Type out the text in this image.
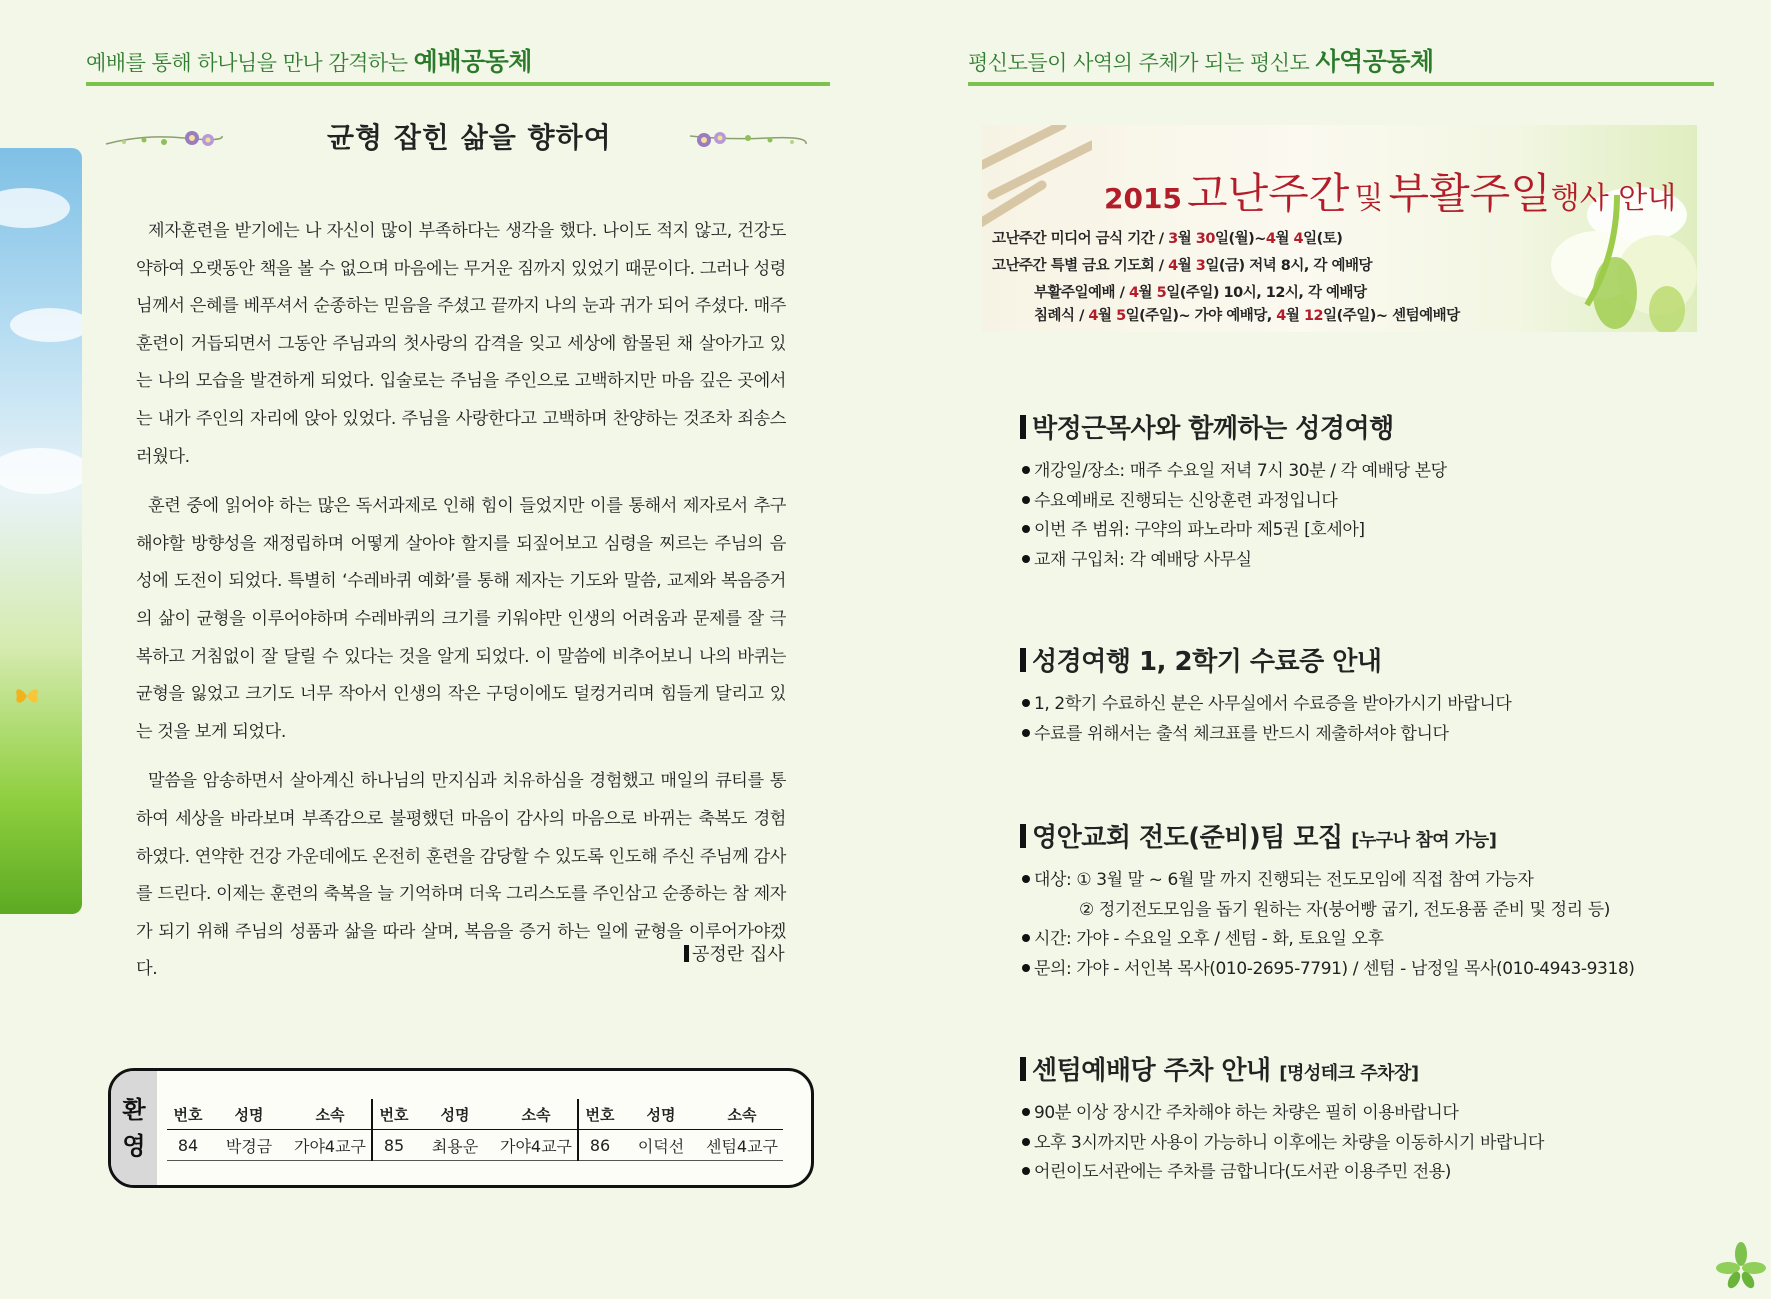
예배를 통해 하나님을 만나 감격하는 예배공동체	평신도들이 사역의 주체가 되는 평신도 사역공동체
균형 잡힌 삶을 향하여

제자훈련을 받기에는 나 자신이 많이 부족하다는 생각을 했다. 나이도 적지 않고, 건강도 약하여 오랫동안 책을 볼 수 없으며 마음에는 무거운 짐까지 있었기 때문이다. 그러나 성령님께서 은혜를 베푸셔서 순종하는 믿음을 주셨고 끝까지 나의 눈과 귀가 되어 주셨다. 매주 훈련이 거듭되면서 그동안 주님과의 첫사랑의 감격을 잊고 세상에 함몰된 채 살아가고 있는 나의 모습을 발견하게 되었다. 입술로는 주님을 주인으로 고백하지만 마음 깊은 곳에서는 내가 주인의 자리에 앉아 있었다. 주님을 사랑한다고 고백하며 찬양하는 것조차 죄송스러웠다.

훈련 중에 읽어야 하는 많은 독서과제로 인해 힘이 들었지만 이를 통해서 제자로서 추구해야할 방향성을 재정립하며 어떻게 살아야 할지를 되짚어보고 심령을 찌르는 주님의 음성에 도전이 되었다. 특별히 ‘수레바퀴 예화’를 통해 제자는 기도와 말씀, 교제와 복음증거의 삶이 균형을 이루어야하며 수레바퀴의 크기를 키워야만 인생의 어려움과 문제를 잘 극복하고 거침없이 잘 달릴 수 있다는 것을 알게 되었다. 이 말씀에 비추어보니 나의 바퀴는 균형을 잃었고 크기도 너무 작아서 인생의 작은 구덩이에도 덜컹거리며 힘들게 달리고 있는 것을 보게 되었다.

말씀을 암송하면서 살아계신 하나님의 만지심과 치유하심을 경험했고 매일의 큐티를 통하여 세상을 바라보며 부족감으로 불평했던 마음이 감사의 마음으로 바뀌는 축복도 경험하였다. 연약한 건강 가운데에도 온전히 훈련을 감당할 수 있도록 인도해 주신 주님께 감사를 드린다. 이제는 훈련의 축복을 늘 기억하며 더욱 그리스도를 주인삼고 순종하는 참 제자가 되기 위해 주님의 성품과 삶을 따라 살며, 복음을 증거 하는 일에 균형을 이루어가야겠다.

공정란 집사
환
영
번호	성명	소속	번호	성명	소속	번호	성명	소속
84	박경금	가야4교구	85	최용운	가야4교구	86	이덕선	센텀4교구
2015 고난주간 및 부활주일행사 안내
고난주간 미디어 금식 기간 / 3월 30일(월)~4월 4일(토)
고난주간 특별 금요 기도회 / 4월 3일(금) 저녁 8시, 각 예배당
부활주일예배 / 4월 5일(주일) 10시, 12시, 각 예배당
침례식 / 4월 5일(주일)~ 가야 예배당, 4월 12일(주일)~ 센텀예배당
박정근목사와 함께하는 성경여행
개강일/장소: 매주 수요일 저녁 7시 30분 / 각 예배당 본당
수요예배로 진행되는 신앙훈련 과정입니다
이번 주 범위: 구약의 파노라마 제5권 [호세아]
교재 구입처: 각 예배당 사무실
성경여행 1, 2학기 수료증 안내
1, 2학기 수료하신 분은 사무실에서 수료증을 받아가시기 바랍니다
수료를 위해서는 출석 체크표를 반드시 제출하셔야 합니다
영안교회 전도(준비)팀 모집 [누구나 참여 가능]
대상: ① 3월 말 ~ 6월 말 까지 진행되는 전도모임에 직접 참여 가능자
② 정기전도모임을 돕기 원하는 자(붕어빵 굽기, 전도용품 준비 및 정리 등)
시간: 가야 - 수요일 오후 / 센텀 - 화, 토요일 오후
문의: 가야 - 서인복 목사(010-2695-7791) / 센텀 - 남정일 목사(010-4943-9318)
센텀예배당 주차 안내 [명성테크 주차장]
90분 이상 장시간 주차해야 하는 차량은 필히 이용바랍니다
오후 3시까지만 사용이 가능하니 이후에는 차량을 이동하시기 바랍니다
어린이도서관에는 주차를 금합니다(도서관 이용주민 전용)
